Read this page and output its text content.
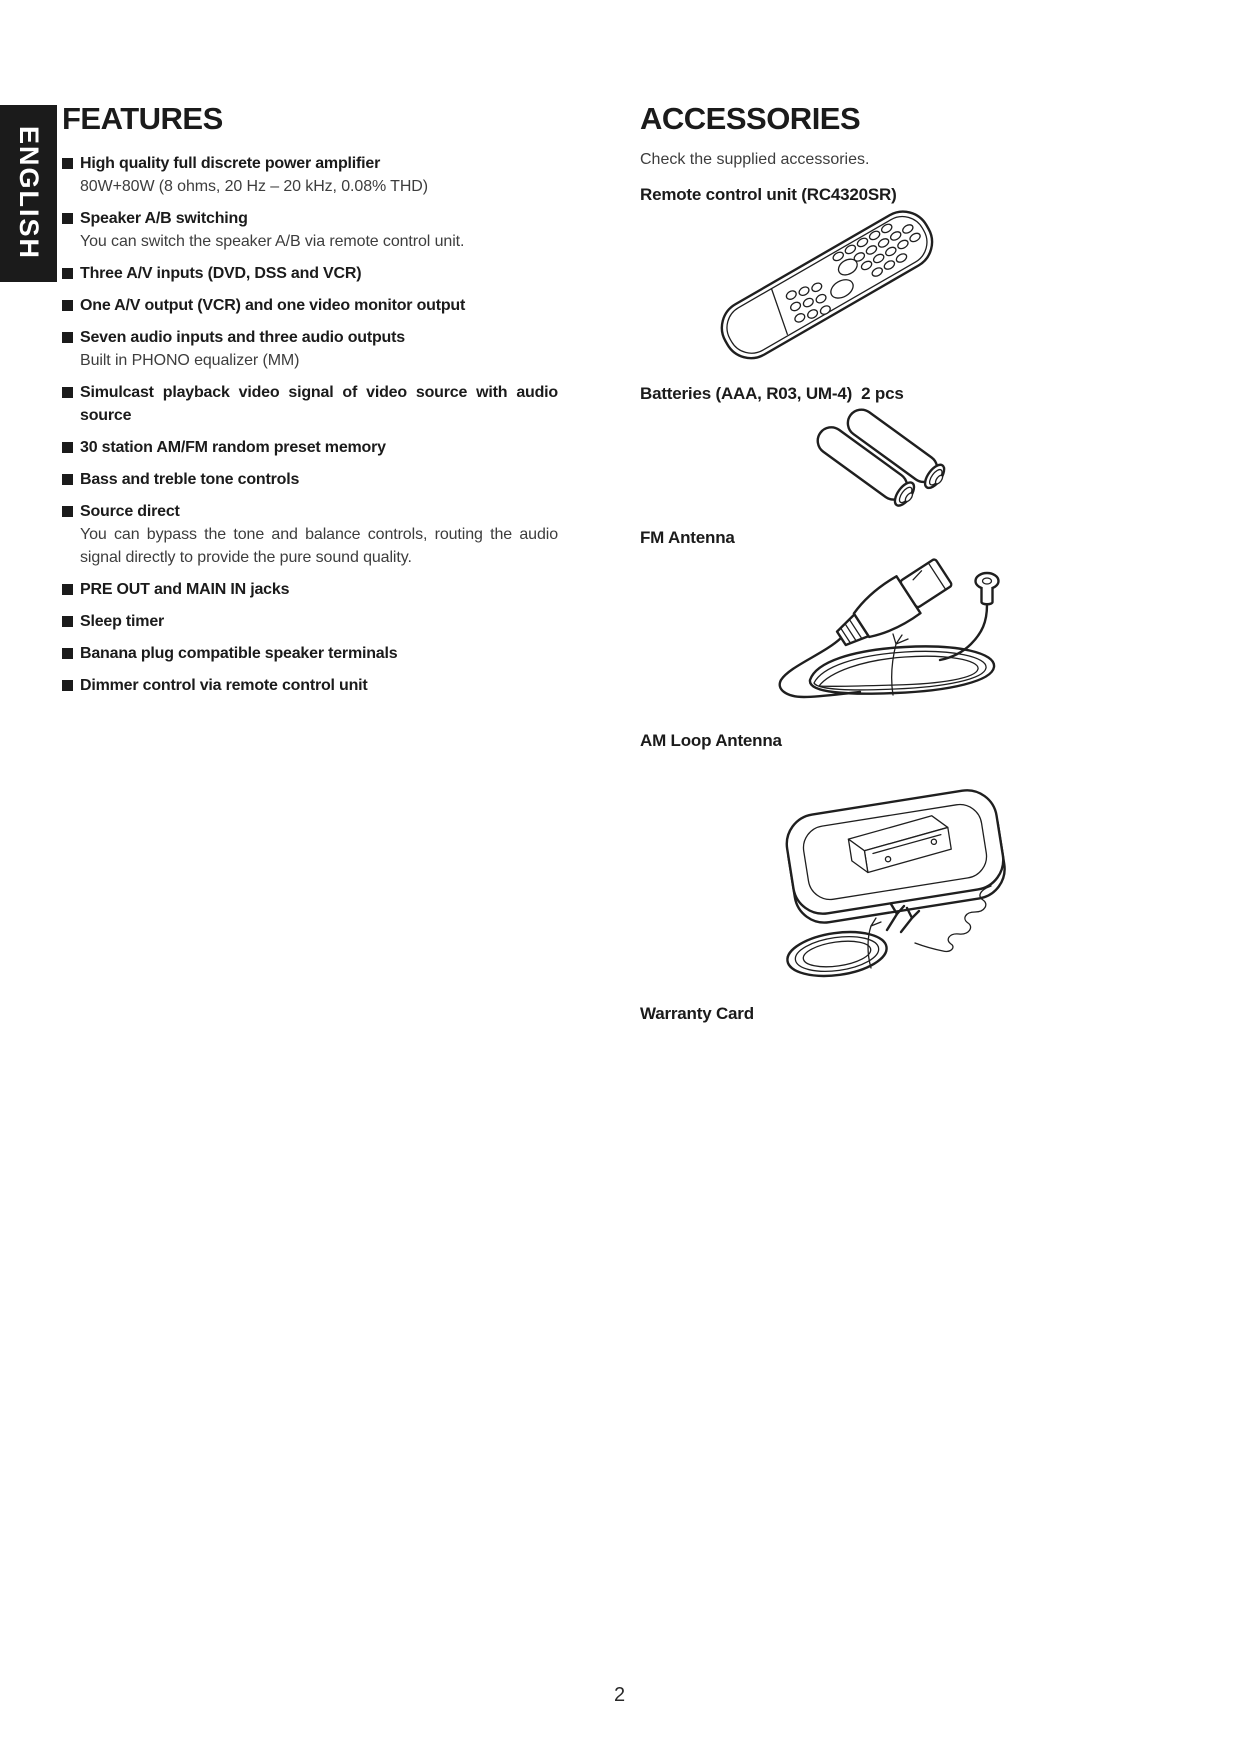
ENGLISH
FEATURES
High quality full discrete power amplifier
80W+80W (8 ohms, 20 Hz – 20 kHz, 0.08% THD)
Speaker A/B switching
You can switch the speaker A/B via remote control unit.
Three A/V inputs (DVD, DSS and VCR)
One A/V output (VCR) and one video monitor output
Seven audio inputs and three audio outputs
Built in PHONO equalizer (MM)
Simulcast playback video signal of video source with audio source
30 station AM/FM random preset memory
Bass and treble tone controls
Source direct
You can bypass the tone and balance controls, routing the audio signal directly to provide the pure sound quality.
PRE OUT and MAIN IN jacks
Sleep timer
Banana plug compatible speaker terminals
Dimmer control via remote control unit
ACCESSORIES
Check the supplied accessories.
Remote control unit (RC4320SR)
Batteries (AAA, R03, UM-4)  2 pcs
FM Antenna
AM Loop Antenna
Warranty Card
2
